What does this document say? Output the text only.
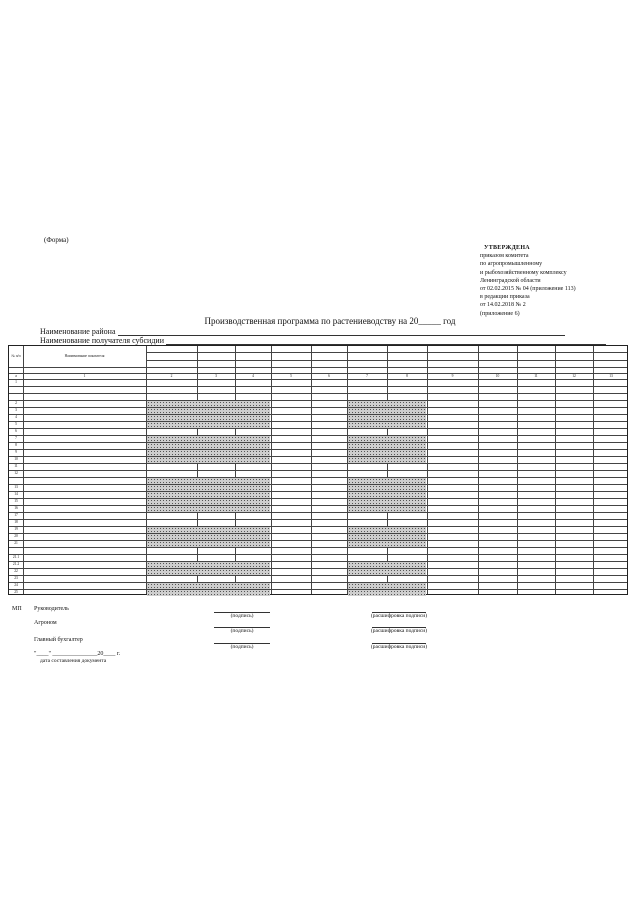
(Форма)
УТВЕРЖДЕНА
приказом комитета
по агропромышленному
и рыбохозяйственному комплексу
Ленинградской области
от 02.02.2015 № 04 (приложение 113)
в редакции приказа
от 14.02.2018 № 2
(приложение 6)
Производственная программа по растениеводству на 20_____ год
Наименование района
Наименование получателя субсидии
№ п/п	Наименование показателя
а	1	2	3	4	5	6	7	8	9	10	11	12	13
1
2
3
4
5
6
7
8
9
10
11
12
13
14
15
16
17
18
19
20
21
21.1
21.2
22
23
24
25
МП Руководитель
(подпись)	(расшифровка подписи)
Агроном
(подпись)	(расшифровка подписи)
Главный бухгалтер
(подпись)	(расшифровка подписи)
"____" _______________20____ г.
дата составления документа
